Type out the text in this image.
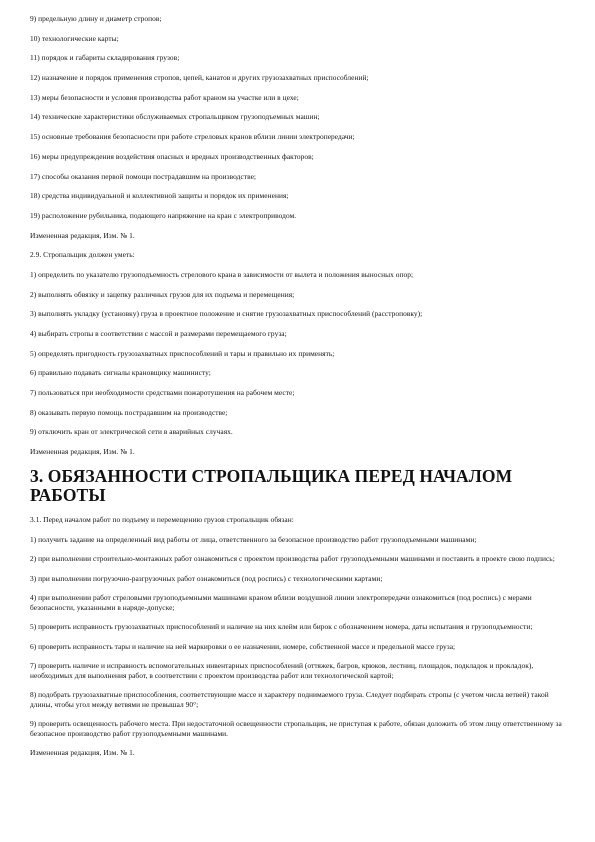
9) предельную длину и диаметр стропов;

10) технологические карты;

11) порядок и габариты складирования грузов;

12) назначение и порядок применения стропов, цепей, канатов и других грузозахватных приспособлений;

13) меры безопасности и условия производства работ краном на участке или в цехе;

14) технические характеристики обслуживаемых стропальщиком грузоподъемных машин;

15) основные требования безопасности при работе стреловых кранов вблизи линии электропередачи;

16) меры предупреждения воздействия опасных и вредных производственных факторов;

17) способы оказания первой помощи пострадавшим на производстве;

18) средства индивидуальной и коллективной защиты и порядок их применения;

19) расположение рубильника, подающего напряжение на кран с электроприводом.

Измененная редакция, Изм. № 1.

2.9. Стропальщик должен уметь:

1) определить по указателю грузоподъемность стрелового крана в зависимости от вылета и положения выносных опор;

2) выполнять обвязку и зацепку различных грузов для их подъема и перемещения;

3) выполнять укладку (установку) груза в проектное положение и снятие грузозахватных приспособлений (расстроповку);

4) выбирать стропы в соответствии с массой и размерами перемещаемого груза;

5) определять пригодность грузозахватных приспособлений и тары и правильно их применять;

6) правильно подавать сигналы крановщику машинисту;

7) пользоваться при необходимости средствами пожаротушения на рабочем месте;

8) оказывать первую помощь пострадавшим на производстве;

9) отключить кран от электрической сети в аварийных случаях.

Измененная редакция, Изм. № 1.

3. ОБЯЗАННОСТИ СТРОПАЛЬЩИКА ПЕРЕД НАЧАЛОМ РАБОТЫ

3.1. Перед началом работ по подъему и перемещению грузов стропальщик обязан:

1) получить задание на определенный вид работы от лица, ответственного за безопасное производство работ грузоподъемными машинами;

2) при выполнении строительно-монтажных работ ознакомиться с проектом производства работ грузоподъемными машинами и поставить в проекте свою подпись;

3) при выполнении погрузочно-разгрузочных работ ознакомиться (под роспись) с технологическими картами;

4) при выполнении работ стреловыми грузоподъемными машинами краном вблизи воздушной линии электропередачи ознакомиться (под роспись) с мерами безопасности, указанными в наряде-допуске;

5) проверить исправность грузозахватных приспособлений и наличие на них клейм или бирок с обозначением номера, даты испытания и грузоподъемности;

6) проверить исправность тары и наличие на ней маркировки о ее назначении, номере, собственной массе и предельной массе груза;

7) проверить наличие и исправность вспомогательных инвентарных приспособлений (оттяжек, багров, крюков, лестниц, площадок, подкладок и прокладок), необходимых для выполнения работ, в соответствии с проектом производства работ или технологической картой;

8) подобрать грузозахватные приспособления, соответствующие массе и характеру поднимаемого груза. Следует подбирать стропы (с учетом числа ветвей) такой длины, чтобы угол между ветвями не превышал 90°;

9) проверить освещенность рабочего места. При недостаточной освещенности стропальщик, не приступая к работе, обязан доложить об этом лицу ответственному за безопасное производство работ грузоподъемными машинами.

Измененная редакция, Изм. № 1.
